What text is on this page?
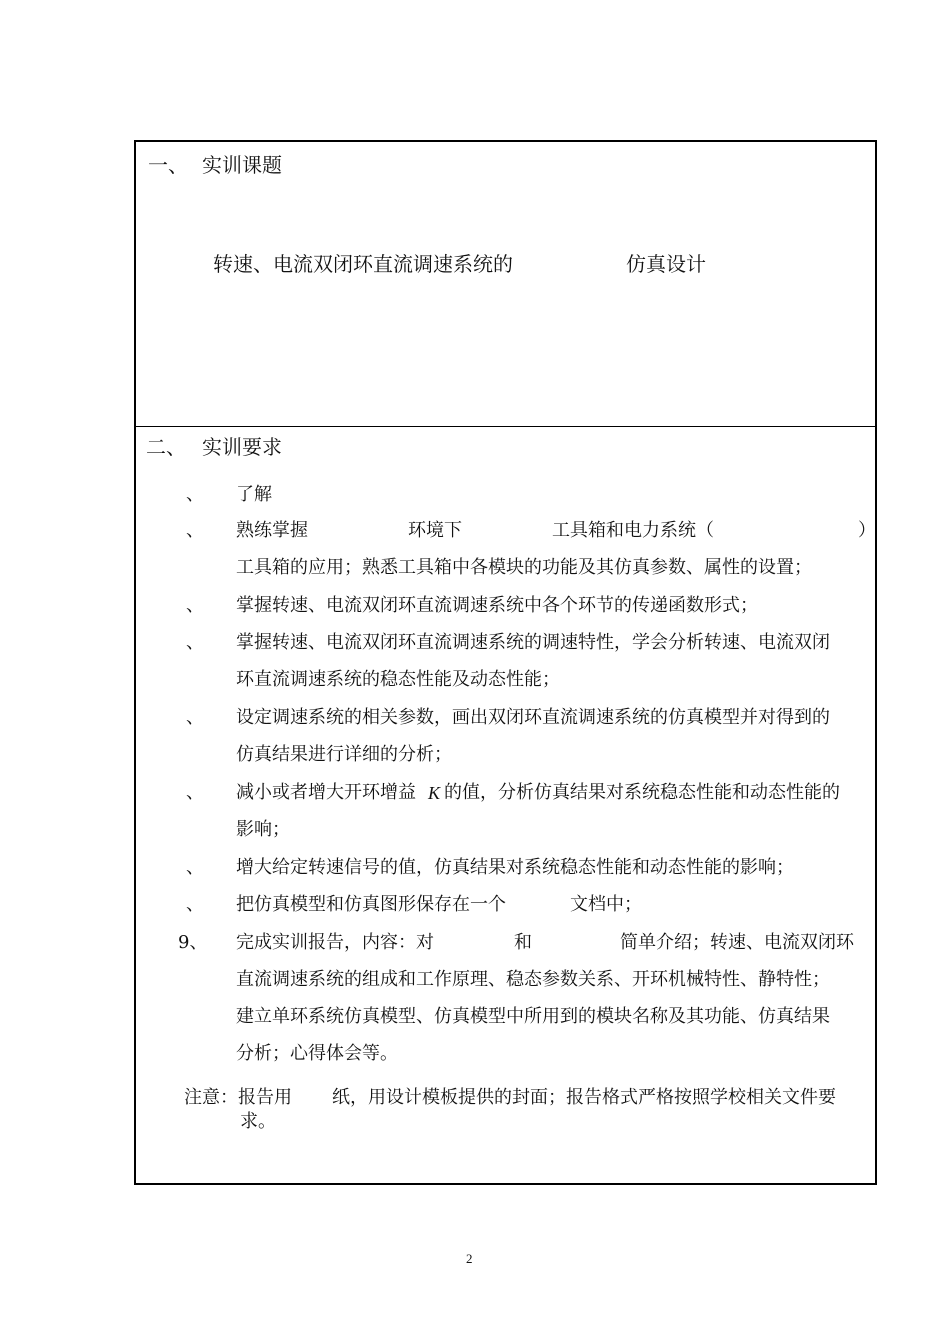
一、 实训课题
转速、电流双闭环直流调速系统的	仿真设计
二、 实训要求
、 了解
、 熟练掌握	环境下	工具箱和电力系统（	）
工具箱的应用；熟悉工具箱中各模块的功能及其仿真参数、属性的设置；
、 掌握转速、电流双闭环直流调速系统中各个环节的传递函数形式；
、 掌握转速、电流双闭环直流调速系统的调速特性，学会分析转速、电流双闭
环直流调速系统的稳态性能及动态性能；
、 设定调速系统的相关参数，画出双闭环直流调速系统的仿真模型并对得到的
仿真结果进行详细的分析；
、 减小或者增大开环增益 K 的值，分析仿真结果对系统稳态性能和动态性能的
影响；
、 增大给定转速信号的值，仿真结果对系统稳态性能和动态性能的影响；
、 把仿真模型和仿真图形保存在一个	文档中；
9、 完成实训报告，内容：对	和	简单介绍；转速、电流双闭环
直流调速系统的组成和工作原理、稳态参数关系、开环机械特性、静特性；
建立单环系统仿真模型、仿真模型中所用到的模块名称及其功能、仿真结果
分析；心得体会等。
注意：报告用 纸，用设计模板提供的封面；报告格式严格按照学校相关文件要
求。
2
